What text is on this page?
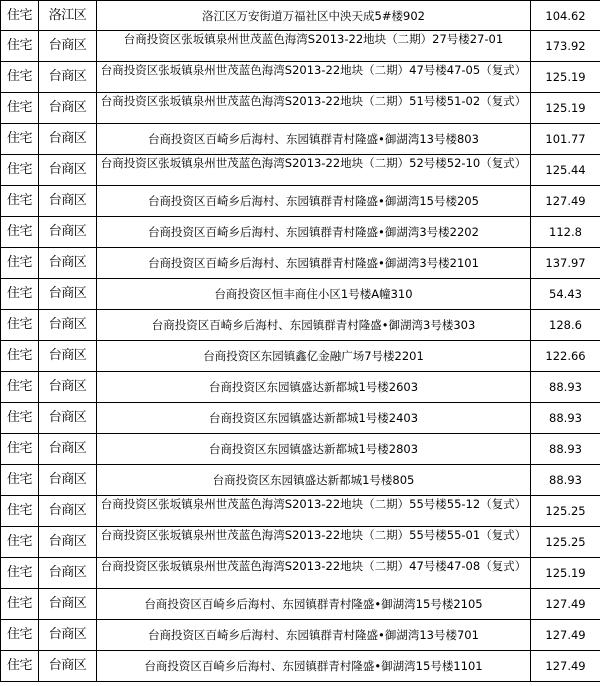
住宅	洛江区	洛江区万安街道万福社区中泱天成5#楼902	104.62
住宅	台商区	台商投资区张坂镇泉州世茂蓝色海湾S2013-22地块（二期）27号楼27-01	173.92
住宅	台商区	台商投资区张坂镇泉州世茂蓝色海湾S2013-22地块（二期）47号楼47-05（复式）	125.19
住宅	台商区	台商投资区张坂镇泉州世茂蓝色海湾S2013-22地块（二期）51号楼51-02（复式）	125.19
住宅	台商区	台商投资区百崎乡后海村、东园镇群青村隆盛•御湖湾13号楼803	101.77
住宅	台商区	台商投资区张坂镇泉州世茂蓝色海湾S2013-22地块（二期）52号楼52-10（复式）	125.44
住宅	台商区	台商投资区百崎乡后海村、东园镇群青村隆盛•御湖湾15号楼205	127.49
住宅	台商区	台商投资区百崎乡后海村、东园镇群青村隆盛•御湖湾3号楼2202	112.8
住宅	台商区	台商投资区百崎乡后海村、东园镇群青村隆盛•御湖湾3号楼2101	137.97
住宅	台商区	台商投资区恒丰商住小区1号楼A幢310	54.43
住宅	台商区	台商投资区百崎乡后海村、东园镇群青村隆盛•御湖湾3号楼303	128.6
住宅	台商区	台商投资区东园镇鑫亿金融广场7号楼2201	122.66
住宅	台商区	台商投资区东园镇盛达新都城1号楼2603	88.93
住宅	台商区	台商投资区东园镇盛达新都城1号楼2403	88.93
住宅	台商区	台商投资区东园镇盛达新都城1号楼2803	88.93
住宅	台商区	台商投资区东园镇盛达新都城1号楼805	88.93
住宅	台商区	台商投资区张坂镇泉州世茂蓝色海湾S2013-22地块（二期）55号楼55-12（复式）	125.25
住宅	台商区	台商投资区张坂镇泉州世茂蓝色海湾S2013-22地块（二期）55号楼55-01（复式）	125.25
住宅	台商区	台商投资区张坂镇泉州世茂蓝色海湾S2013-22地块（二期）47号楼47-08（复式）	125.19
住宅	台商区	台商投资区百崎乡后海村、东园镇群青村隆盛•御湖湾15号楼2105	127.49
住宅	台商区	台商投资区百崎乡后海村、东园镇群青村隆盛•御湖湾13号楼701	127.49
住宅	台商区	台商投资区百崎乡后海村、东园镇群青村隆盛•御湖湾15号楼1101	127.49
